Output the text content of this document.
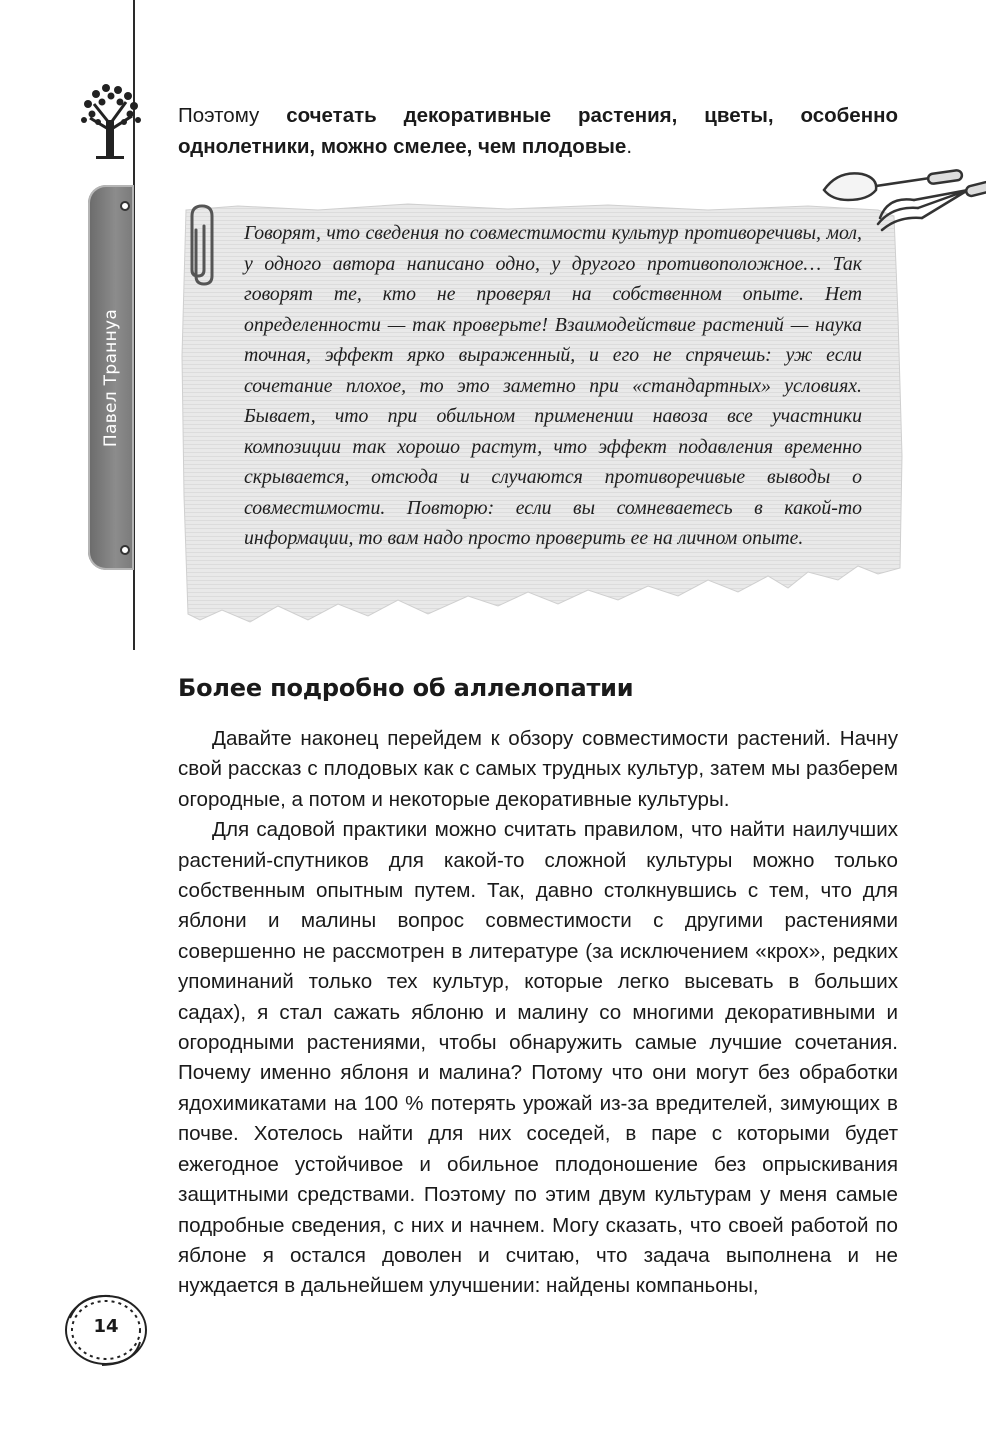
Павел Траннуа
Поэтому сочетать декоративные растения, цветы, особенно однолетники, можно смелее, чем плодовые.
Говорят, что сведения по совместимости культур противоречивы, мол, у одного автора написано одно, у другого противоположное… Так говорят те, кто не проверял на собственном опыте. Нет определенности — так проверьте! Взаимодействие растений — наука точная, эффект ярко выраженный, и его не спрячешь: уж если сочетание плохое, то это заметно при «стандартных» условиях. Бывает, что при обильном применении навоза все участники композиции так хорошо растут, что эффект подавления временно скрывается, отсюда и случаются противоречивые выводы о совместимости. Повторю: если вы сомневаетесь в какой-то информации, то вам надо просто проверить ее на личном опыте.
Более подробно об аллелопатии

Давайте наконец перейдем к обзору совместимости растений. Начну свой рассказ с плодовых как с самых трудных культур, затем мы разберем огородные, а потом и некоторые декоративные культуры.

Для садовой практики можно считать правилом, что найти наилучших растений-спутников для какой-то сложной культуры можно только собственным опытным путем. Так, давно столкнувшись с тем, что для яблони и малины вопрос совместимости с другими растениями совершенно не рассмотрен в литературе (за исключением «крох», редких упоминаний только тех культур, которые легко высевать в больших садах), я стал сажать яблоню и малину со многими декоративными и огородными растениями, чтобы обнаружить самые лучшие сочетания. Почему именно яблоня и малина? Потому что они могут без обработки ядохимикатами на 100 % потерять урожай из-за вредителей, зимующих в почве. Хотелось найти для них соседей, в паре с которыми будет ежегодное устойчивое и обильное плодоношение без опрыскивания защитными средствами. Поэтому по этим двум культурам у меня самые подробные сведения, с них и начнем. Могу сказать, что своей работой по яблоне я остался доволен и считаю, что задача выполнена и не нуждается в дальнейшем улучшении: найдены компаньоны,

14
